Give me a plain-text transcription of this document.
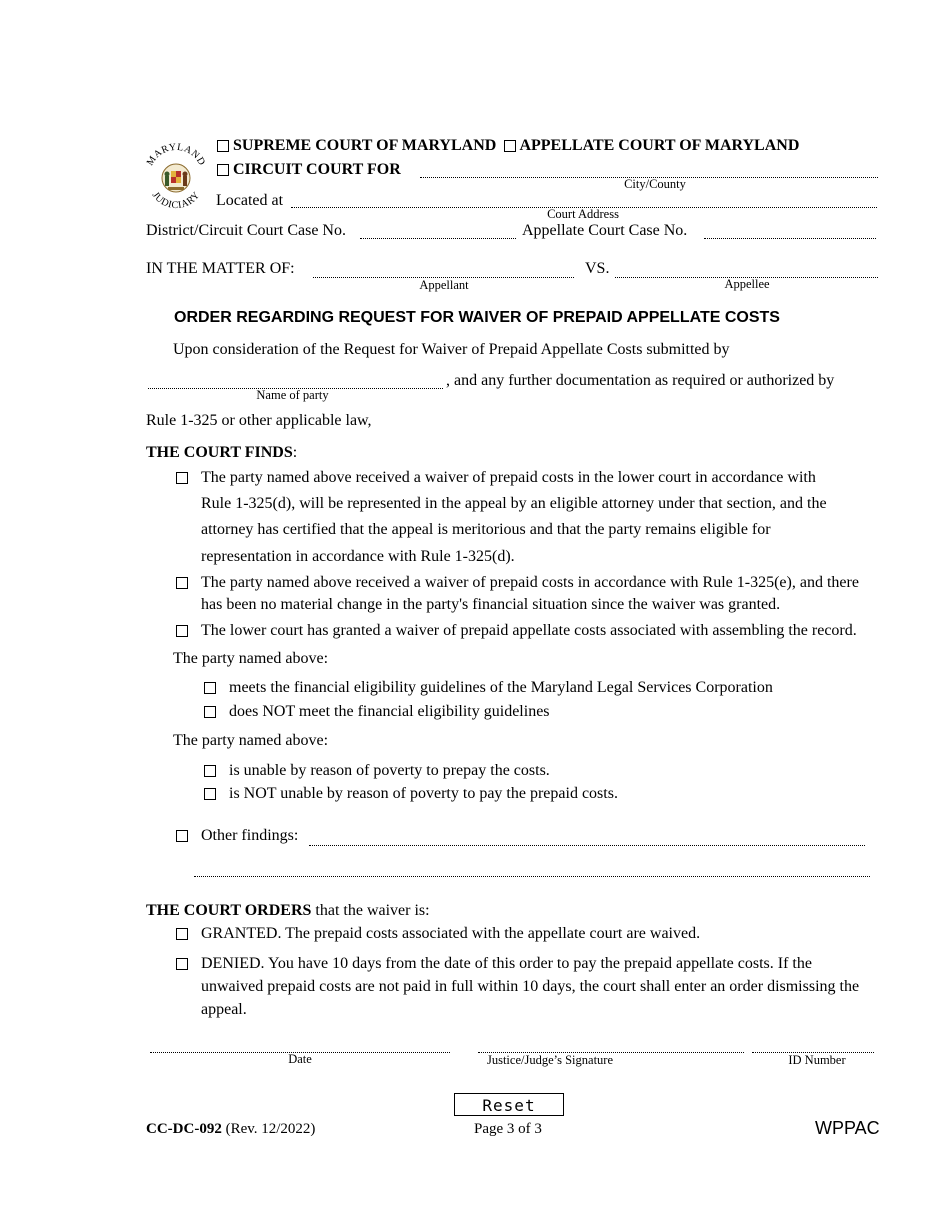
MARYLAND
JUDICIARY
SUPREME COURT OF MARYLAND APPELLATE COURT OF MARYLAND
CIRCUIT COURT FOR
City/County
Located at
Court Address
District/Circuit Court Case No.	Appellate Court Case No.
IN THE MATTER OF:
Appellant
VS.
Appellee
ORDER REGARDING REQUEST FOR WAIVER OF PREPAID APPELLATE COSTS
Upon consideration of the Request for Waiver of Prepaid Appellate Costs submitted by
, and any further documentation as required or authorized by
Name of party
Rule 1-325 or other applicable law,
THE COURT FINDS:
The party named above received a waiver of prepaid costs in the lower court in accordance with
Rule 1-325(d), will be represented in the appeal by an eligible attorney under that section, and the
attorney has certified that the appeal is meritorious and that the party remains eligible for
representation in accordance with Rule 1-325(d).
The party named above received a waiver of prepaid costs in accordance with Rule 1-325(e), and there
has been no material change in the party's financial situation since the waiver was granted.
The lower court has granted a waiver of prepaid appellate costs associated with assembling the record.
The party named above:
meets the financial eligibility guidelines of the Maryland Legal Services Corporation
does NOT meet the financial eligibility guidelines
The party named above:
is unable by reason of poverty to prepay the costs.
is NOT unable by reason of poverty to pay the prepaid costs.
Other findings:
THE COURT ORDERS that the waiver is:
GRANTED. The prepaid costs associated with the appellate court are waived.
DENIED. You have 10 days from the date of this order to pay the prepaid appellate costs. If the
unwaived prepaid costs are not paid in full within 10 days, the court shall enter an order dismissing the
appeal.
Date	Justice/Judge’s Signature	ID Number
Reset
CC-DC-092 (Rev. 12/2022)	Page 3 of 3	WPPAC
